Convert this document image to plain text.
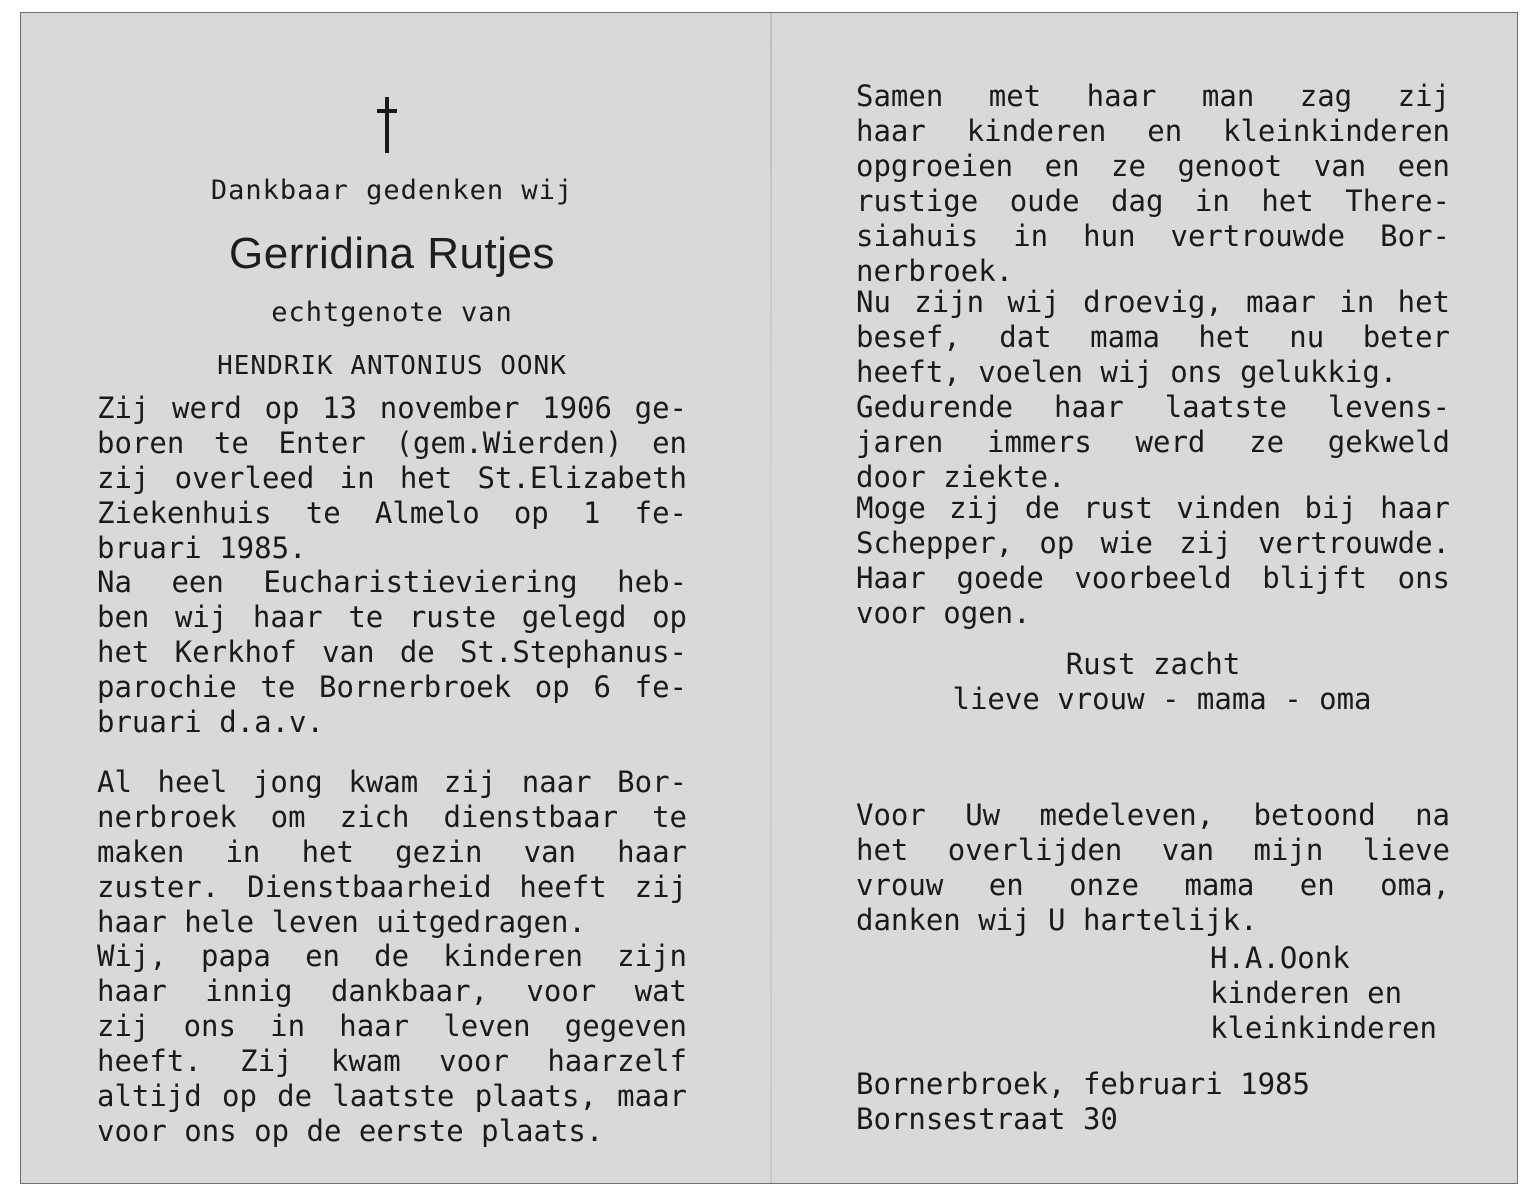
Dankbaar gedenken wij
Gerridina Rutjes
echtgenote van
HENDRIK ANTONIUS OONK
Zij werd op 13 november 1906 ge-
boren te Enter (gem.Wierden) en
zij overleed in het St.Elizabeth
Ziekenhuis te Almelo op 1 fe-
bruari 1985.
Na een Eucharistieviering heb-
ben wij haar te ruste gelegd op
het Kerkhof van de St.Stephanus-
parochie te Bornerbroek op 6 fe-
bruari d.a.v.
Al heel jong kwam zij naar Bor-
nerbroek om zich dienstbaar te
maken in het gezin van haar
zuster. Dienstbaarheid heeft zij
haar hele leven uitgedragen.
Wij, papa en de kinderen zijn
haar innig dankbaar, voor wat
zij ons in haar leven gegeven
heeft. Zij kwam voor haarzelf
altijd op de laatste plaats, maar
voor ons op de eerste plaats.
Samen met haar man zag zij
haar kinderen en kleinkinderen
opgroeien en ze genoot van een
rustige oude dag in het There-
siahuis in hun vertrouwde Bor-
nerbroek.
Nu zijn wij droevig, maar in het
besef, dat mama het nu beter
heeft, voelen wij ons gelukkig.
Gedurende haar laatste levens-
jaren immers werd ze gekweld
door ziekte.
Moge zij de rust vinden bij haar
Schepper, op wie zij vertrouwde.
Haar goede voorbeeld blijft ons
voor ogen.
Rust zacht
lieve vrouw - mama - oma
Voor Uw medeleven, betoond na
het overlijden van mijn lieve
vrouw en onze mama en oma,
danken wij U hartelijk.
H.A.Oonk
kinderen en
kleinkinderen
Bornerbroek, februari 1985
Bornsestraat 30
